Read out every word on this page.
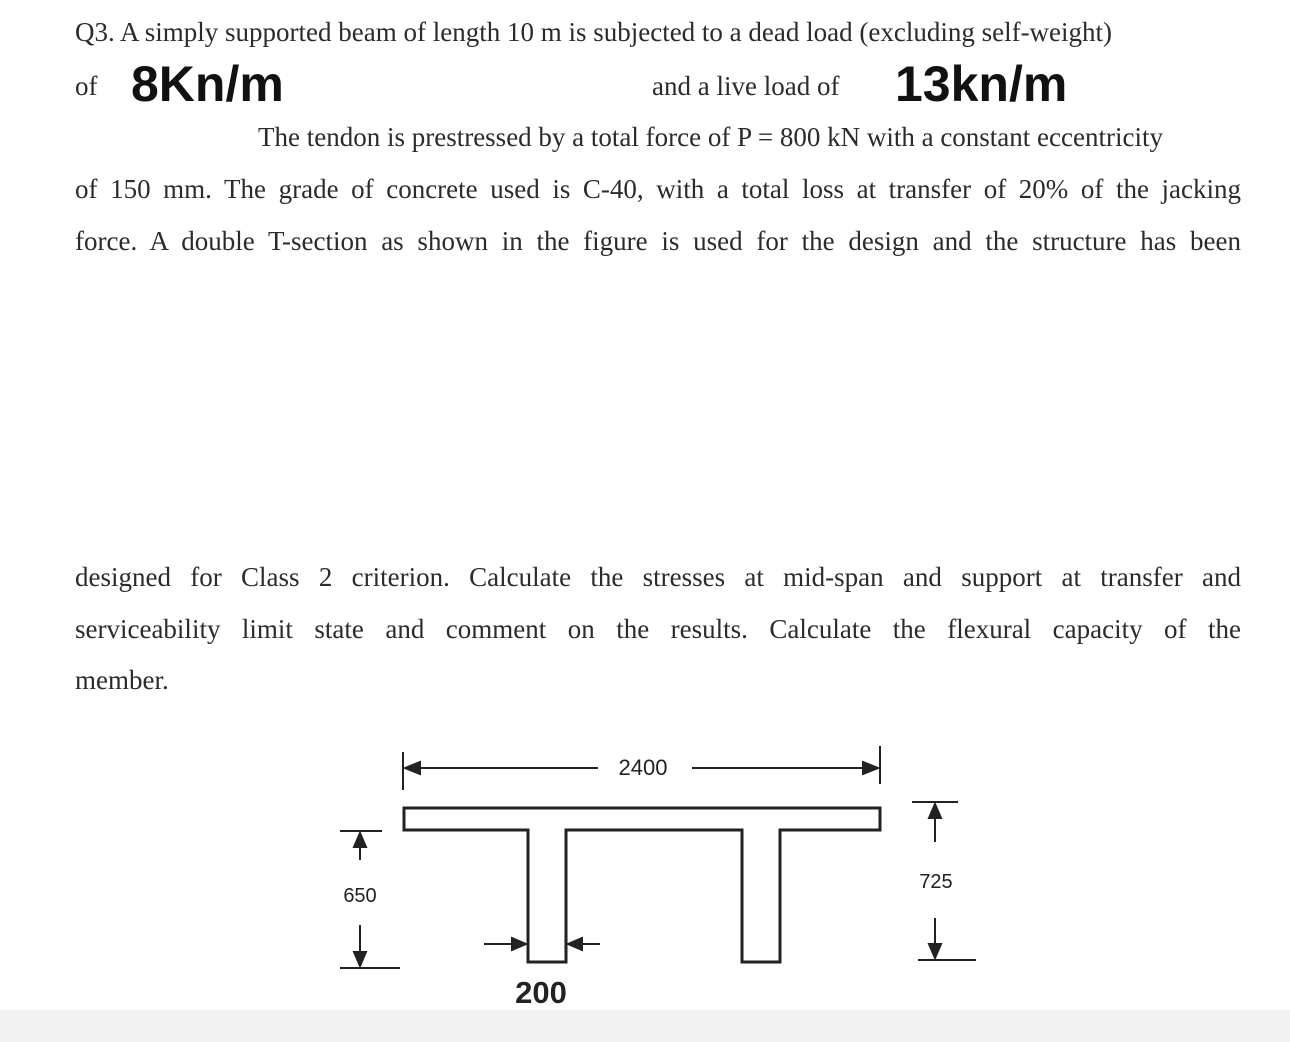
Q3. A simply supported beam of length 10 m is subjected to a dead load (excluding self-weight)
of 8Kn/m	and a live load of 13kn/m
The tendon is prestressed by a total force of P = 800 kN with a constant eccentricity
of 150 mm. The grade of concrete used is C-40, with a total loss at transfer of 20% of the jacking
force. A double T-section as shown in the figure is used for the design and the structure has been
designed for Class 2 criterion. Calculate the stresses at mid-span and support at transfer and
serviceability limit state and comment on the results. Calculate the flexural capacity of the
member.
2400
650
725
200
